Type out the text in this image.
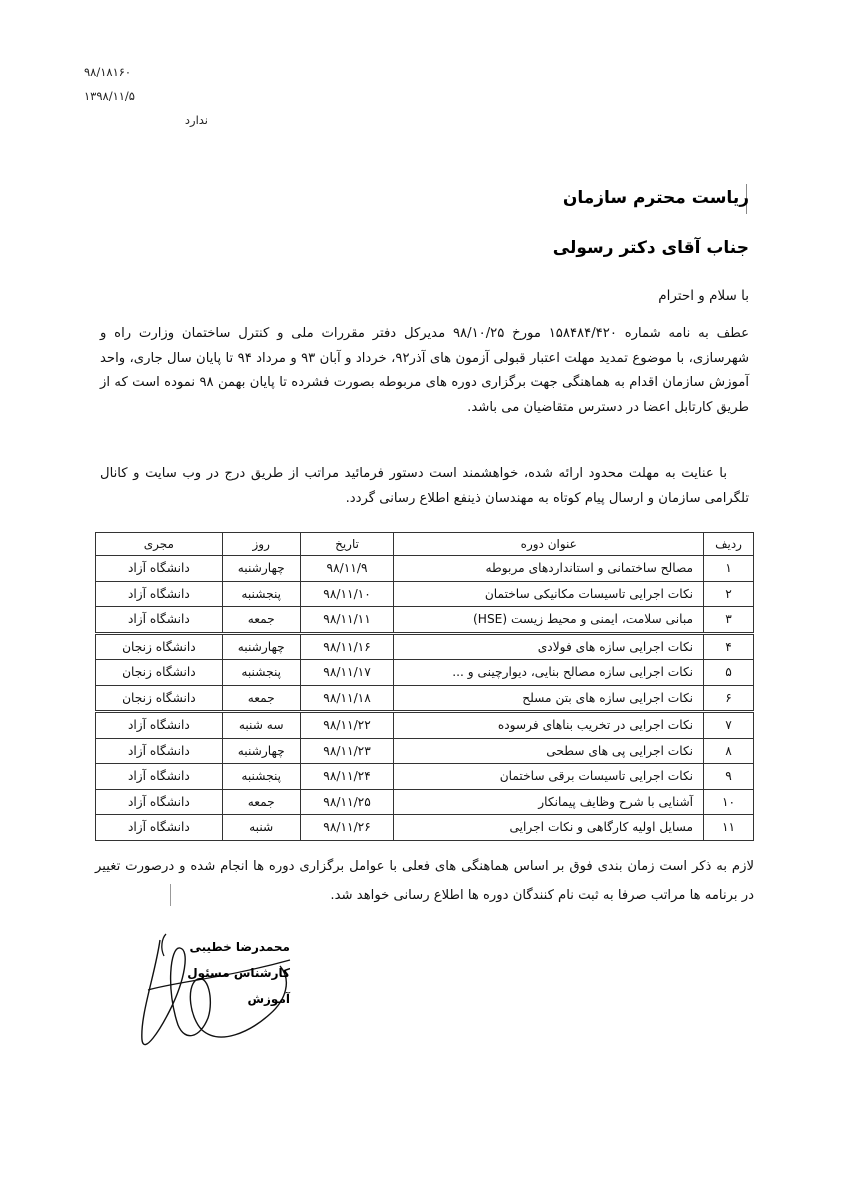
۹۸/۱۸۱۶۰
۱۳۹۸/۱۱/۵
ندارد
ریاست محترم سازمان
جناب آقای دکتر رسولی
با سلام و احترام
عطف به نامه شماره ۱۵۸۴۸۴/۴۲۰ مورخ ۹۸/۱۰/۲۵ مدیرکل دفتر مقررات ملی و کنترل ساختمان وزارت راه و شهرسازی، با موضوع تمدید مهلت اعتبار قبولی آزمون های آذر۹۲، خرداد و آبان ۹۳ و مرداد ۹۴ تا پایان سال جاری، واحد آموزش سازمان اقدام به هماهنگی جهت برگزاری دوره های مربوطه بصورت فشرده تا پایان بهمن ۹۸ نموده است که از طریق کارتابل اعضا در دسترس متقاضیان می باشد.
با عنایت به مهلت محدود ارائه شده، خواهشمند است دستور فرمائید مراتب از طریق درج در وب سایت و کانال تلگرامی سازمان و ارسال پیام کوتاه به مهندسان ذینفع اطلاع رسانی گردد.
ردیف	عنوان دوره	تاریخ	روز	مجری
۱	مصالح ساختمانی و استانداردهای مربوطه	۹۸/۱۱/۹	چهارشنبه	دانشگاه آزاد
۲	نکات اجرایی تاسیسات مکانیکی ساختمان	۹۸/۱۱/۱۰	پنجشنبه	دانشگاه آزاد
۳	مبانی سلامت، ایمنی و محیط زیست (HSE)	۹۸/۱۱/۱۱	جمعه	دانشگاه آزاد
۴	نکات اجرایی سازه های فولادی	۹۸/۱۱/۱۶	چهارشنبه	دانشگاه زنجان
۵	نکات اجرایی سازه مصالح بنایی، دیوارچینی و ...	۹۸/۱۱/۱۷	پنجشنبه	دانشگاه زنجان
۶	نکات اجرایی سازه های بتن مسلح	۹۸/۱۱/۱۸	جمعه	دانشگاه زنجان
۷	نکات اجرایی در تخریب بناهای فرسوده	۹۸/۱۱/۲۲	سه شنبه	دانشگاه آزاد
۸	نکات اجرایی پی های سطحی	۹۸/۱۱/۲۳	چهارشنبه	دانشگاه آزاد
۹	نکات اجرایی تاسیسات برقی ساختمان	۹۸/۱۱/۲۴	پنجشنبه	دانشگاه آزاد
۱۰	آشنایی با شرح وظایف پیمانکار	۹۸/۱۱/۲۵	جمعه	دانشگاه آزاد
۱۱	مسایل اولیه کارگاهی و نکات اجرایی	۹۸/۱۱/۲۶	شنبه	دانشگاه آزاد
لازم به ذکر است زمان بندی فوق بر اساس هماهنگی های فعلی با عوامل برگزاری دوره ها انجام شده و درصورت تغییر در برنامه ها مراتب صرفا به ثبت نام کنندگان دوره ها اطلاع رسانی خواهد شد.
محمدرضا خطیبی
کارشناس مسئول
آموزش
